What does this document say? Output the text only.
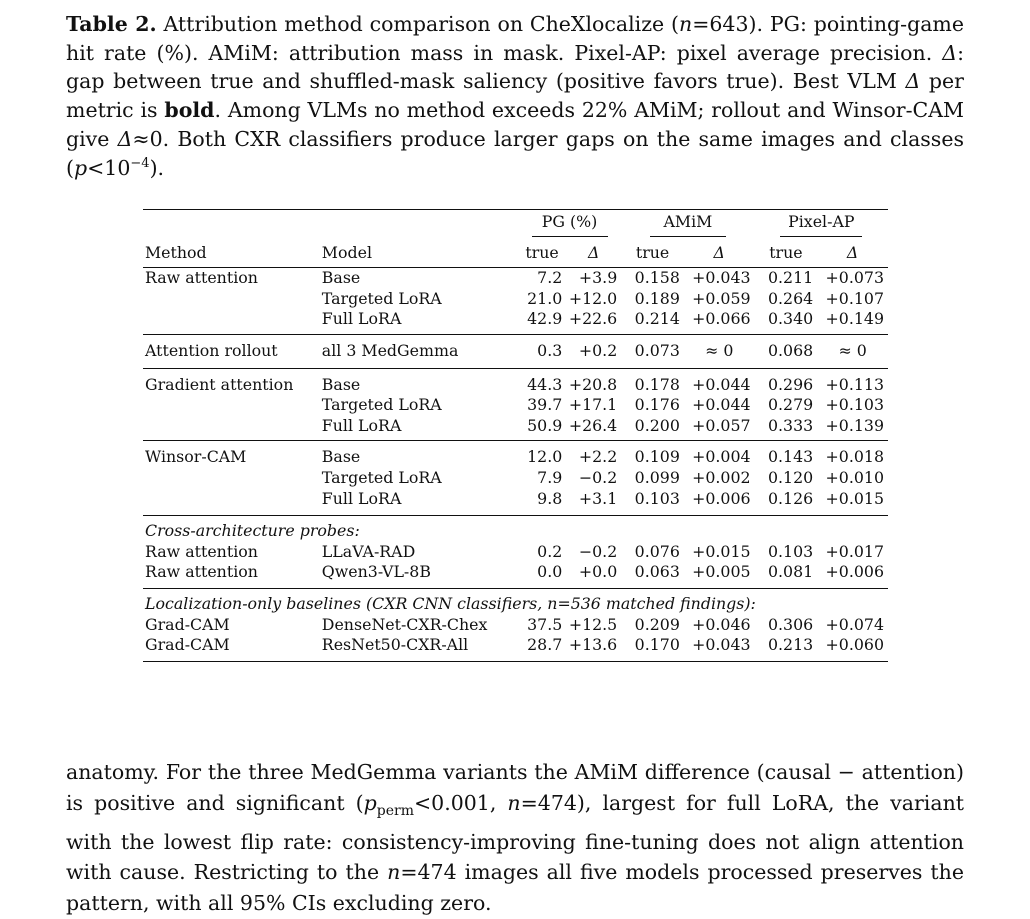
Table 2. Attribution method comparison on CheXlocalize (n=643). PG: pointing-game hit rate (%). AMiM: attribution mass in mask. Pixel-AP: pixel average precision. Δ: gap between true and shuffled-mask saliency (positive favors true). Best VLM Δ per metric is bold. Among VLMs no method exceeds 22% AMiM; rollout and Winsor-CAM give Δ≈0. Both CXR classifiers produce larger gaps on the same images and classes $(p<10^{-4})$.
		PG (%)		AMiM		Pixel-AP	
Method	Model	true	Δ	true	Δ	true	Δ
Raw attention	Base	7.2	+3.9	0.158	+0.043	0.211	+0.073
	Targeted LoRA	21.0	+12.0	0.189	+0.059	0.264	+0.107
	Full LoRA	42.9	+22.6	0.214	+0.066	0.340	+0.149
Attention rollout	all 3 MedGemma	0.3	+0.2	0.073	≈ 0	0.068	≈ 0
Gradient attention	Base	44.3	+20.8	0.178	+0.044	0.296	+0.113
	Targeted LoRA	39.7	+17.1	0.176	+0.044	0.279	+0.103
	Full LoRA	50.9	+26.4	0.200	+0.057	0.333	+0.139
Winsor-CAM	Base	12.0	+2.2	0.109	+0.004	0.143	+0.018
	Targeted LoRA	7.9	−0.2	0.099	+0.002	0.120	+0.010
	Full LoRA	9.8	+3.1	0.103	+0.006	0.126	+0.015
Cross-architecture probes:							
Raw attention	LLaVA-RAD	0.2	−0.2	0.076	+0.015	0.103	+0.017
Raw attention	Qwen3-VL-8B	0.0	+0.0	0.063	+0.005	0.081	+0.006
Localization-only baselines (CXR CNN classifiers, n=536 matched findings):							
Grad-CAM	DenseNet-CXR-Chex	37.5	+12.5	0.209	+0.046	0.306	+0.074
Grad-CAM	ResNet50-CXR-All	28.7	+13.6	0.170	+0.043	0.213	+0.060
anatomy. For the three MedGemma variants the AMiM difference (causal − attention) is positive and significant ($p_{perm}<0.001$, n=474), largest for full LoRA, the variant with the lowest flip rate: consistency-improving fine-tuning does not align attention with cause. Restricting to the n=474 images all five models processed preserves the pattern, with all 95% CIs excluding zero.
